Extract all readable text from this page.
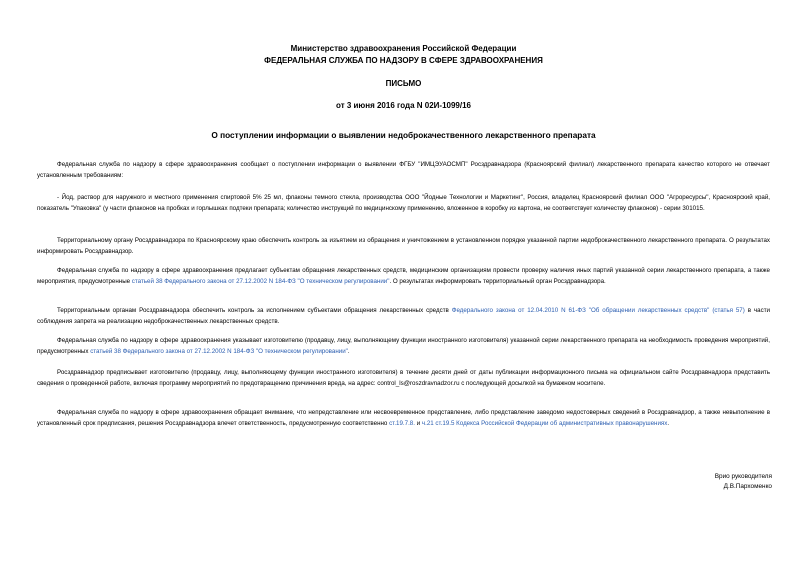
Министерство здравоохранения Российской Федерации
ФЕДЕРАЛЬНАЯ СЛУЖБА ПО НАДЗОРУ В СФЕРЕ ЗДРАВООХРАНЕНИЯ
ПИСЬМО
от 3 июня 2016 года N 02И-1099/16
О поступлении информации о выявлении недоброкачественного лекарственного препарата
Федеральная служба по надзору в сфере здравоохранения сообщает о поступлении информации о выявлении ФГБУ "ИМЦЭУАОСМП" Росздравнадзора (Красноярский филиал) лекарственного препарата качество которого не отвечает установленным требованиям:
- Йод, раствор для наружного и местного применения спиртовой 5% 25 мл, флаконы темного стекла, производства ООО "Йодные Технологии и Маркетинг", Россия, владелец Красноярский филиал ООО "Агроресурсы", Красноярский край, показатель "Упаковка" (у части флаконов на пробках и горлышках подтеки препарата; количество инструкций по медицинскому применению, вложенное в коробку из картона, не соответствует количеству флаконов) - серии 301015.
Территориальному органу Росздравнадзора по Красноярскому краю обеспечить контроль за изъятием из обращения и уничтожением в установленном порядке указанной партии недоброкачественного лекарственного препарата. О результатах информировать Росздравнадзор.
Федеральная служба по надзору в сфере здравоохранения предлагает субъектам обращения лекарственных средств, медицинским организациям провести проверку наличия иных партий указанной серии лекарственного препарата, а также мероприятия, предусмотренные статьей 38 Федерального закона от 27.12.2002 N 184-ФЗ "О техническом регулировании". О результатах информировать территориальный орган Росздравнадзора.
Территориальным органам Росздравнадзора обеспечить контроль за исполнением субъектами обращения лекарственных средств Федерального закона от 12.04.2010 N 61-ФЗ "Об обращении лекарственных средств" (статья 57) в части соблюдения запрета на реализацию недоброкачественных лекарственных средств.
Федеральная служба по надзору в сфере здравоохранения указывает изготовителю (продавцу, лицу, выполняющему функции иностранного изготовителя) указанной серии лекарственного препарата на необходимость проведения мероприятий, предусмотренных статьей 38 Федерального закона от 27.12.2002 N 184-ФЗ "О техническом регулировании".
Росздравнадзор предписывает изготовителю (продавцу, лицу, выполняющему функции иностранного изготовителя) в течение десяти дней от даты публикации информационного письма на официальном сайте Росздравнадзора представить сведения о проведенной работе, включая программу мероприятий по предотвращению причинения вреда, на адрес: control_ls@roszdravnadzor.ru с последующей досылкой на бумажном носителе.
Федеральная служба по надзору в сфере здравоохранения обращает внимание, что непредставление или несвоевременное представление, либо представление заведомо недостоверных сведений в Росздравнадзор, а также невыполнение в установленный срок предписания, решения Росздравнадзора влечет ответственность, предусмотренную соответственно ст.19.7.8. и ч.21 ст.19.5 Кодекса Российской Федерации об административных правонарушениях.
Врио руководителя
Д.В.Пархоменко
